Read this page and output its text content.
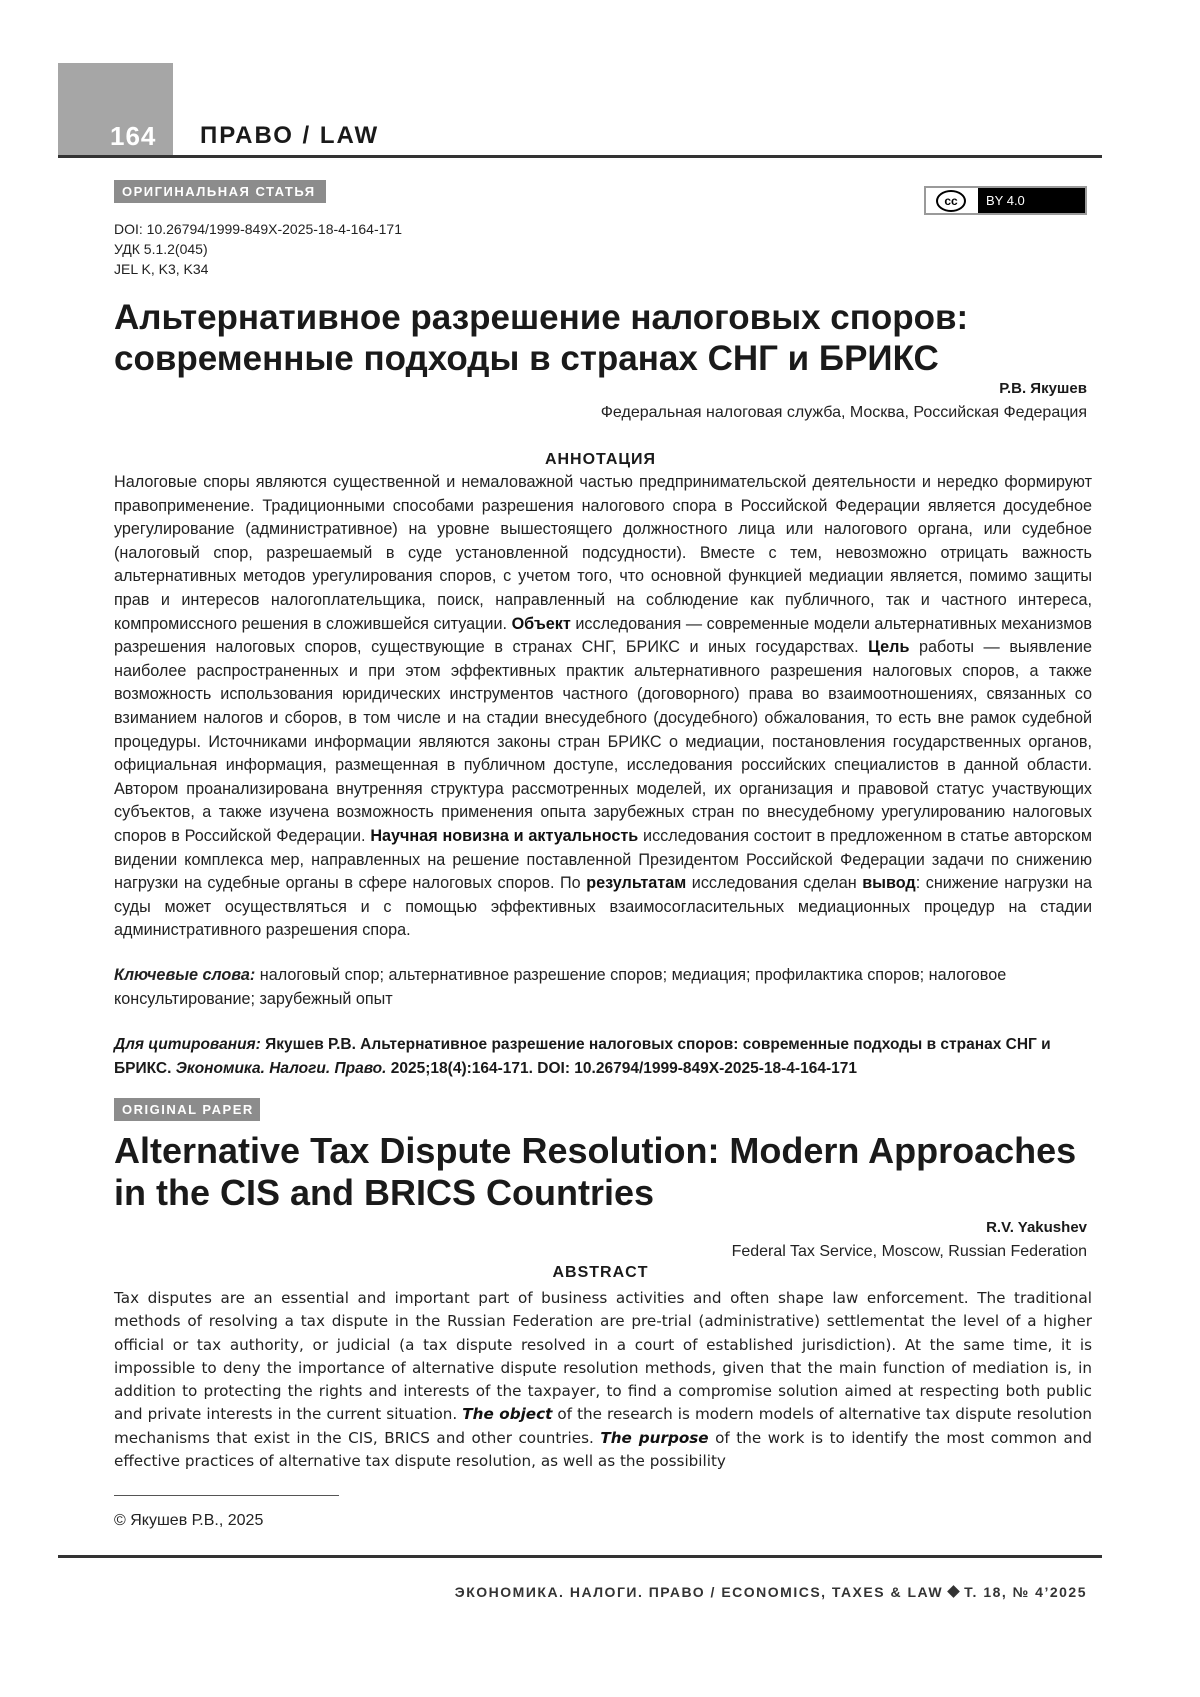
164 ПРАВО / LAW
ОРИГИНАЛЬНАЯ СТАТЬЯ
cc	BY 4.0
DOI: 10.26794/1999-849X-2025-18-4-164-171
УДК 5.1.2(045)
JEL K, K3, K34
Альтернативное разрешение налоговых споров:
современные подходы в странах СНГ и БРИКС
Р.В. Якушев
Федеральная налоговая служба, Москва, Российская Федерация
АННОТАЦИЯ
Налоговые споры являются существенной и немаловажной частью предпринимательской деятельности и нередко формируют правоприменение. Традиционными способами разрешения налогового спора в Российской Федерации является досудебное урегулирование (административное) на уровне вышестоящего должностного лица или налогового органа, или судебное (налоговый спор, разрешаемый в суде установленной подсудности). Вместе с тем, невозможно отрицать важность альтернативных методов урегулирования споров, с учетом того, что основной функцией медиации является, помимо защиты прав и интересов налогоплательщика, поиск, направленный на соблюдение как публичного, так и частного интереса, компромиссного решения в сложившейся ситуации. Объект исследования — современные модели альтернативных механизмов разрешения налоговых споров, существующие в странах СНГ, БРИКС и иных государствах. Цель работы — выявление наиболее распространенных и при этом эффективных практик альтернативного разрешения налоговых споров, а также возможность использования юридических инструментов частного (договорного) права во взаимоотношениях, связанных со взиманием налогов и сборов, в том числе и на стадии внесудебного (досудебного) обжалования, то есть вне рамок судебной процедуры. Источниками информации являются законы стран БРИКС о медиации, постановления государственных органов, официальная информация, размещенная в публичном доступе, исследования российских специалистов в данной области. Автором проанализирована внутренняя структура рассмотренных моделей, их организация и правовой статус участвующих субъектов, а также изучена возможность применения опыта зарубежных стран по внесудебному урегулированию налоговых споров в Российской Федерации. Научная новизна и актуальность исследования состоит в предложенном в статье авторском видении комплекса мер, направленных на решение поставленной Президентом Российской Федерации задачи по снижению нагрузки на судебные органы в сфере налоговых споров. По результатам исследования сделан вывод: снижение нагрузки на суды может осуществляться и с помощью эффективных взаимосогласительных медиационных процедур на стадии административного разрешения спора.
Ключевые слова: налоговый спор; альтернативное разрешение споров; медиация; профилактика споров; налоговое консультирование; зарубежный опыт
Для цитирования: Якушев Р.В. Альтернативное разрешение налоговых споров: современные подходы в странах СНГ и БРИКС. Экономика. Налоги. Право. 2025;18(4):164-171. DOI: 10.26794/1999-849X-2025-18-4-164-171
ORIGINAL PAPER
Alternative Tax Dispute Resolution: Modern Approaches
in the CIS and BRICS Countries
R.V. Yakushev
Federal Tax Service, Moscow, Russian Federation
ABSTRACT
Tax disputes are an essential and important part of business activities and often shape law enforcement. The traditional methods of resolving a tax dispute in the Russian Federation are pre-trial (administrative) settlementat the level of a higher official or tax authority, or judicial (a tax dispute resolved in a court of established jurisdiction). At the same time, it is impossible to deny the importance of alternative dispute resolution methods, given that the main function of mediation is, in addition to protecting the rights and interests of the taxpayer, to find a compromise solution aimed at respecting both public and private interests in the current situation. The object of the research is modern models of alternative tax dispute resolution mechanisms that exist in the CIS, BRICS and other countries. The purpose of the work is to identify the most common and effective practices of alternative tax dispute resolution, as well as the possibility
© Якушев Р.В., 2025
ЭКОНОМИКА. НАЛОГИ. ПРАВО / ECONOMICS, TAXES & LAW Т. 18, № 4’2025
